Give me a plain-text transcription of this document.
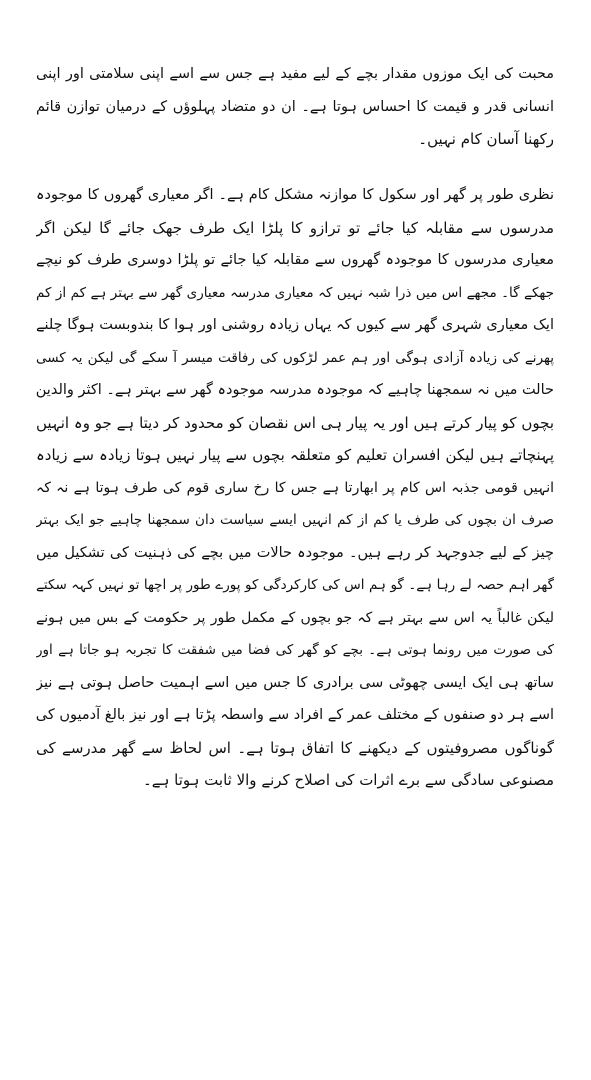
محبت کی ایک موزوں مقدار بچے کے لیے مفید ہے جس سے اسے اپنی سلامتی اور اپنی
انسانی قدر و قیمت کا احساس ہوتا ہے۔ ان دو متضاد پہلوؤں کے درمیان توازن قائم
رکھنا آسان کام نہیں۔
نظری طور پر گھر اور سکول کا موازنہ مشکل کام ہے۔ اگر معیاری گھروں کا موجودہ
مدرسوں سے مقابلہ کیا جائے تو ترازو کا پلڑا ایک طرف جھک جائے گا لیکن اگر
معیاری مدرسوں کا موجودہ گھروں سے مقابلہ کیا جائے تو پلڑا دوسری طرف کو نیچے
جھکے گا۔ مجھے اس میں ذرا شبہ نہیں کہ معیاری مدرسہ معیاری گھر سے بہتر ہے کم از کم
ایک معیاری شہری گھر سے کیوں کہ یہاں زیادہ روشنی اور ہوا کا بندوبست ہوگا چلنے
پھرنے کی زیادہ آزادی ہوگی اور ہم عمر لڑکوں کی رفاقت میسر آ سکے گی لیکن یہ کسی
حالت میں نہ سمجھنا چاہیے کہ موجودہ مدرسہ موجودہ گھر سے بہتر ہے۔ اکثر والدین
بچوں کو پیار کرتے ہیں اور یہ پیار ہی اس نقصان کو محدود کر دیتا ہے جو وہ انہیں
پہنچاتے ہیں لیکن افسران تعلیم کو متعلقہ بچوں سے پیار نہیں ہوتا زیادہ سے زیادہ
انہیں قومی جذبہ اس کام پر ابھارتا ہے جس کا رخ ساری قوم کی طرف ہوتا ہے نہ کہ
صرف ان بچوں کی طرف یا کم از کم انہیں ایسے سیاست دان سمجھنا چاہیے جو ایک بہتر
چیز کے لیے جدوجہد کر رہے ہیں۔ موجودہ حالات میں بچے کی ذہنیت کی تشکیل میں
گھر اہم حصہ لے رہا ہے۔ گو ہم اس کی کارکردگی کو پورے طور پر اچھا تو نہیں کہہ سکتے
لیکن غالباً یہ اس سے بہتر ہے کہ جو بچوں کے مکمل طور پر حکومت کے بس میں ہونے
کی صورت میں رونما ہوتی ہے۔ بچے کو گھر کی فضا میں شفقت کا تجربہ ہو جاتا ہے اور
ساتھ ہی ایک ایسی چھوٹی سی برادری کا جس میں اسے اہمیت حاصل ہوتی ہے نیز
اسے ہر دو صنفوں کے مختلف عمر کے افراد سے واسطہ پڑتا ہے اور نیز بالغ آدمیوں کی
گوناگوں مصروفیتوں کے دیکھنے کا اتفاق ہوتا ہے۔ اس لحاظ سے گھر مدرسے کی
مصنوعی سادگی سے برے اثرات کی اصلاح کرنے والا ثابت ہوتا ہے۔
